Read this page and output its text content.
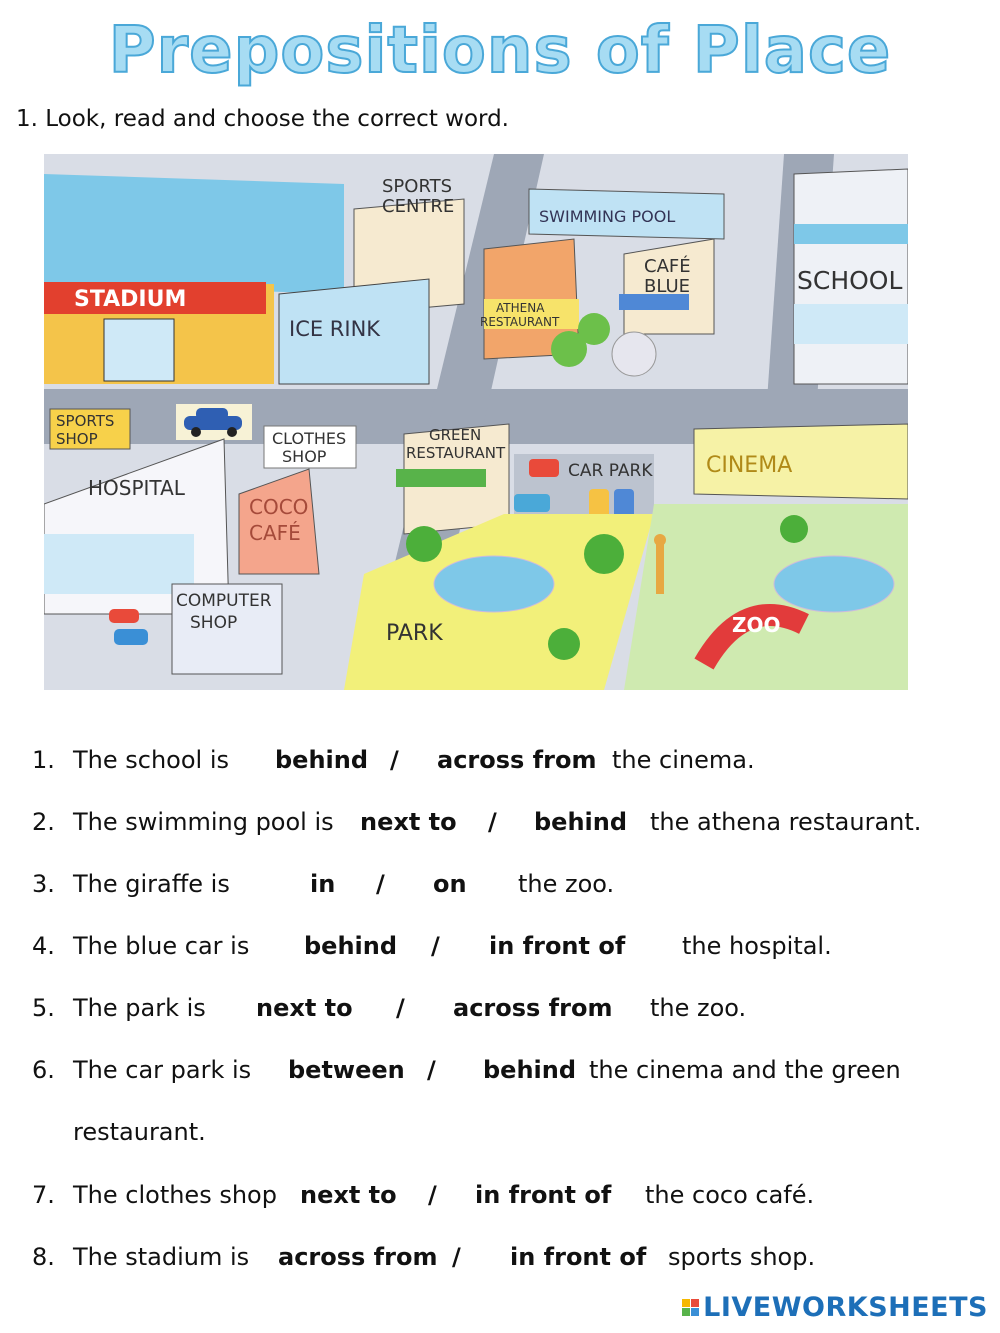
Prepositions of Place
1. Look, read and choose the correct word.
STADIUM
SPORTS
CENTRE
ICE RINK
SWIMMING POOL
ATHENA
RESTAURANT
CAFÉ
BLUE	SCHOOL
SPORTS
SHOP
HOSPITAL
CLOTHES
SHOP
COCO
CAFÉ
COMPUTER
SHOP
GREEN
RESTAURANT
CAR PARK CINEMA
PARK	ZOO
1. The school is behind / across from the cinema.
2. The swimming pool is next to / behind the athena restaurant.
3. The giraffe is	in / on the zoo.
4. The blue car is behind / in front of the hospital.
5. The park is next to / across from the zoo.
6. The car park is between / behind the cinema and the green
restaurant.
7. The clothes shop next to / in front of the coco café.
8. The stadium is across from / in front of sports shop.
LIVEWORKSHEETS
